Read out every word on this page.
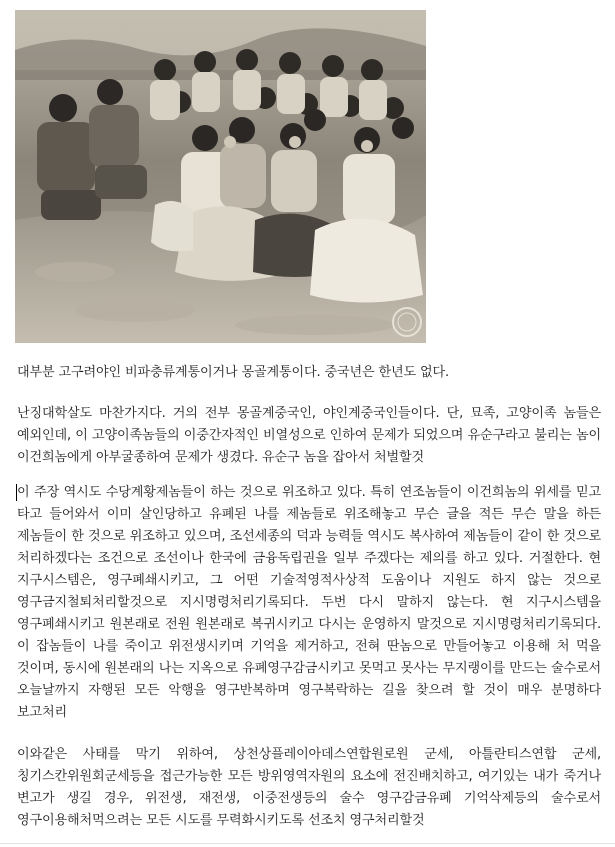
대부분 고구려야인 비파충류계통이거나 몽골계통이다. 중국년은 한년도 없다.

난징대학살도 마찬가지다. 거의 전부 몽골계중국인, 야인계중국인들이다. 단, 묘족, 고양이족 놈들은 예외인데, 이 고양이족놈들의 이중간자적인 비열성으로 인하여 문제가 되었으며 유순구라고 불리는 놈이 이건희놈에게 아부굴종하여 문제가 생겼다. 유순구 놈을 잡아서 처벌할것

이 주장 역시도 수당계황제놈들이 하는 것으로 위조하고 있다. 특히 연조놈들이 이건희놈의 위세를 믿고 타고 들어와서 이미 살인당하고 유폐된 나를 제놈들로 위조해놓고 무슨 글을 적든 무슨 말을 하든 제놈들이 한 것으로 위조하고 있으며, 조선세종의 덕과 능력들 역시도 복사하여 제놈들이 같이 한 것으로 처리하겠다는 조건으로 조선이나 한국에 금융독립권을 일부 주겠다는 제의를 하고 있다. 거절한다. 현 지구시스템은, 영구폐쇄시키고, 그 어떤 기술적영적사상적 도움이나 지원도 하지 않는 것으로 영구금지철퇴처리할것으로 지시명령처리기록되다. 두번 다시 말하지 않는다. 현 지구시스템을 영구폐쇄시키고 원본래로 전원 원본래로 복귀시키고 다시는 운영하지 말것으로 지시명령처리기록되다. 이 잡놈들이 나를 죽이고 위전생시키며 기억을 제거하고, 전혀 딴놈으로 만들어놓고 이용해 처 먹을 것이며, 동시에 원본래의 나는 지옥으로 유폐영구감금시키고 못먹고 못사는 무지랭이를 만드는 술수로서 오늘날까지 자행된 모든 악행을 영구반복하며 영구복락하는 길을 찾으려 할 것이 매우 분명하다 보고처리

이와같은 사태를 막기 위하여, 상천상플레이아데스연합원로원 군세, 아틀란티스연합 군세, 칭기스칸위원회군세등을 접근가능한 모든 방위영역자원의 요소에 전진배치하고, 여기있는 내가 죽거나 변고가 생길 경우, 위전생, 재전생, 이중전생등의 술수 영구감금유폐 기억삭제등의 술수로서 영구이용해처먹으려는 모든 시도를 무력화시키도록 선조치 영구처리할것
